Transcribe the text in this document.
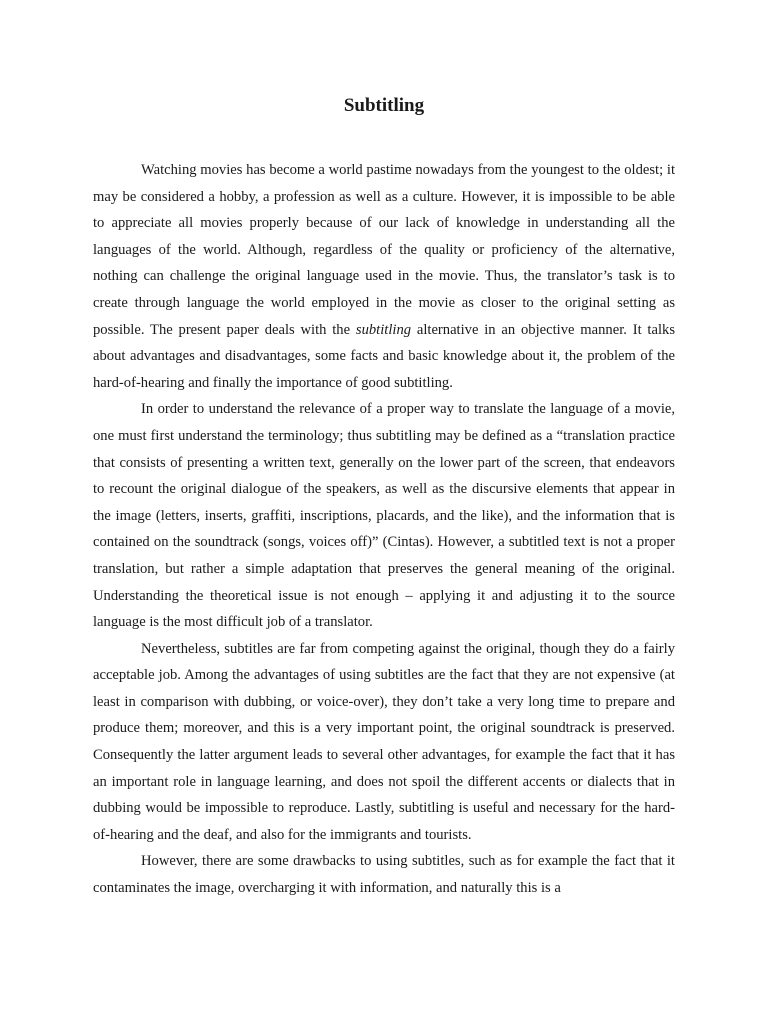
Subtitling

Watching movies has become a world pastime nowadays from the youngest to the oldest; it may be considered a hobby, a profession as well as a culture. However, it is impossible to be able to appreciate all movies properly because of our lack of knowledge in understanding all the languages of the world. Although, regardless of the quality or proficiency of the alternative, nothing can challenge the original language used in the movie. Thus, the translator’s task is to create through language the world employed in the movie as closer to the original setting as possible. The present paper deals with the subtitling alternative in an objective manner. It talks about advantages and disadvantages, some facts and basic knowledge about it, the problem of the hard-of-hearing and finally the importance of good subtitling.

In order to understand the relevance of a proper way to translate the language of a movie, one must first understand the terminology; thus subtitling may be defined as a “translation practice that consists of presenting a written text, generally on the lower part of the screen, that endeavors to recount the original dialogue of the speakers, as well as the discursive elements that appear in the image (letters, inserts, graffiti, inscriptions, placards, and the like), and the information that is contained on the soundtrack (songs, voices off)” (Cintas). However, a subtitled text is not a proper translation, but rather a simple adaptation that preserves the general meaning of the original. Understanding the theoretical issue is not enough – applying it and adjusting it to the source language is the most difficult job of a translator.

Nevertheless, subtitles are far from competing against the original, though they do a fairly acceptable job. Among the advantages of using subtitles are the fact that they are not expensive (at least in comparison with dubbing, or voice-over), they don’t take a very long time to prepare and produce them; moreover, and this is a very important point, the original soundtrack is preserved. Consequently the latter argument leads to several other advantages, for example the fact that it has an important role in language learning, and does not spoil the different accents or dialects that in dubbing would be impossible to reproduce. Lastly, subtitling is useful and necessary for the hard-of-hearing and the deaf, and also for the immigrants and tourists.

However, there are some drawbacks to using subtitles, such as for example the fact that it contaminates the image, overcharging it with information, and naturally this is a
